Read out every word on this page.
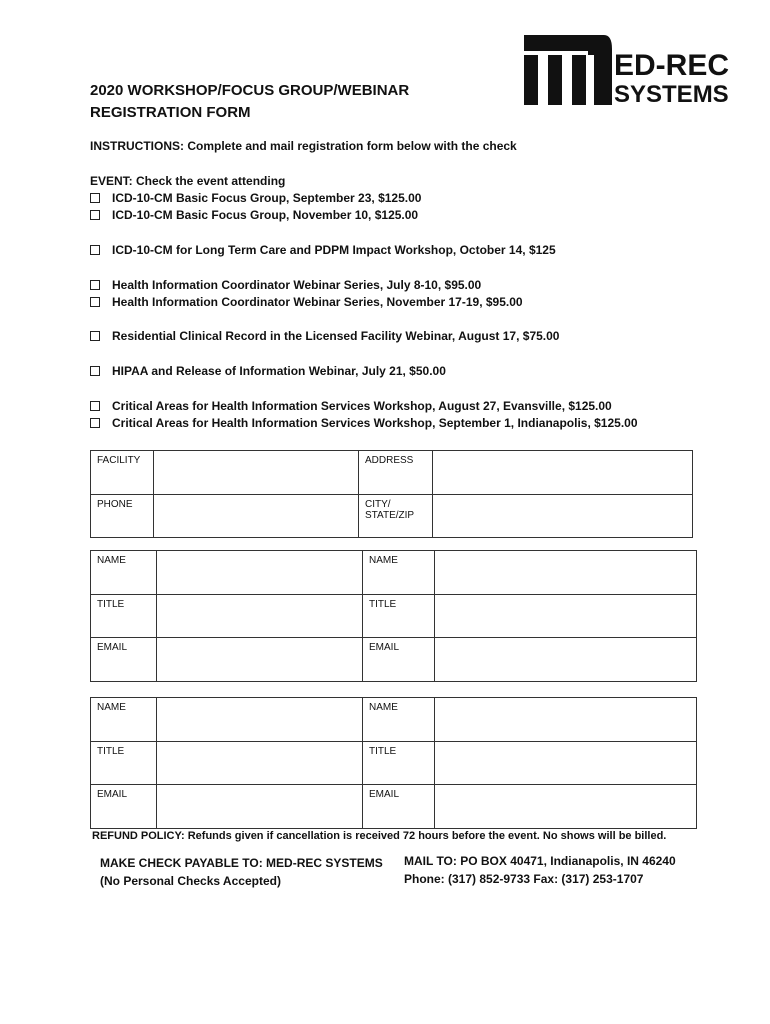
ED-REC
SYSTEMS
2020 WORKSHOP/FOCUS GROUP/WEBINAR
REGISTRATION FORM
INSTRUCTIONS: Complete and mail registration form below with the check
EVENT: Check the event attending
ICD-10-CM Basic Focus Group, September 23, $125.00
ICD-10-CM Basic Focus Group, November 10, $125.00
ICD-10-CM for Long Term Care and PDPM Impact Workshop, October 14, $125
Health Information Coordinator Webinar Series, July 8-10, $95.00
Health Information Coordinator Webinar Series, November 17-19, $95.00
Residential Clinical Record in the Licensed Facility Webinar, August 17, $75.00
HIPAA and Release of Information Webinar, July 21, $50.00
Critical Areas for Health Information Services Workshop, August 27, Evansville, $125.00
Critical Areas for Health Information Services Workshop, September 1, Indianapolis, $125.00
FACILITY		ADDRESS	
PHONE		CITY/
STATE/ZIP	
NAME		NAME	
TITLE		TITLE	
EMAIL		EMAIL	
NAME		NAME	
TITLE		TITLE	
EMAIL		EMAIL	
REFUND POLICY: Refunds given if cancellation is received 72 hours before the event. No shows will be billed.
MAKE CHECK PAYABLE TO: MED-REC SYSTEMS
(No Personal Checks Accepted)
MAIL TO: PO BOX 40471, Indianapolis, IN 46240
Phone: (317) 852-9733 Fax: (317) 253-1707
